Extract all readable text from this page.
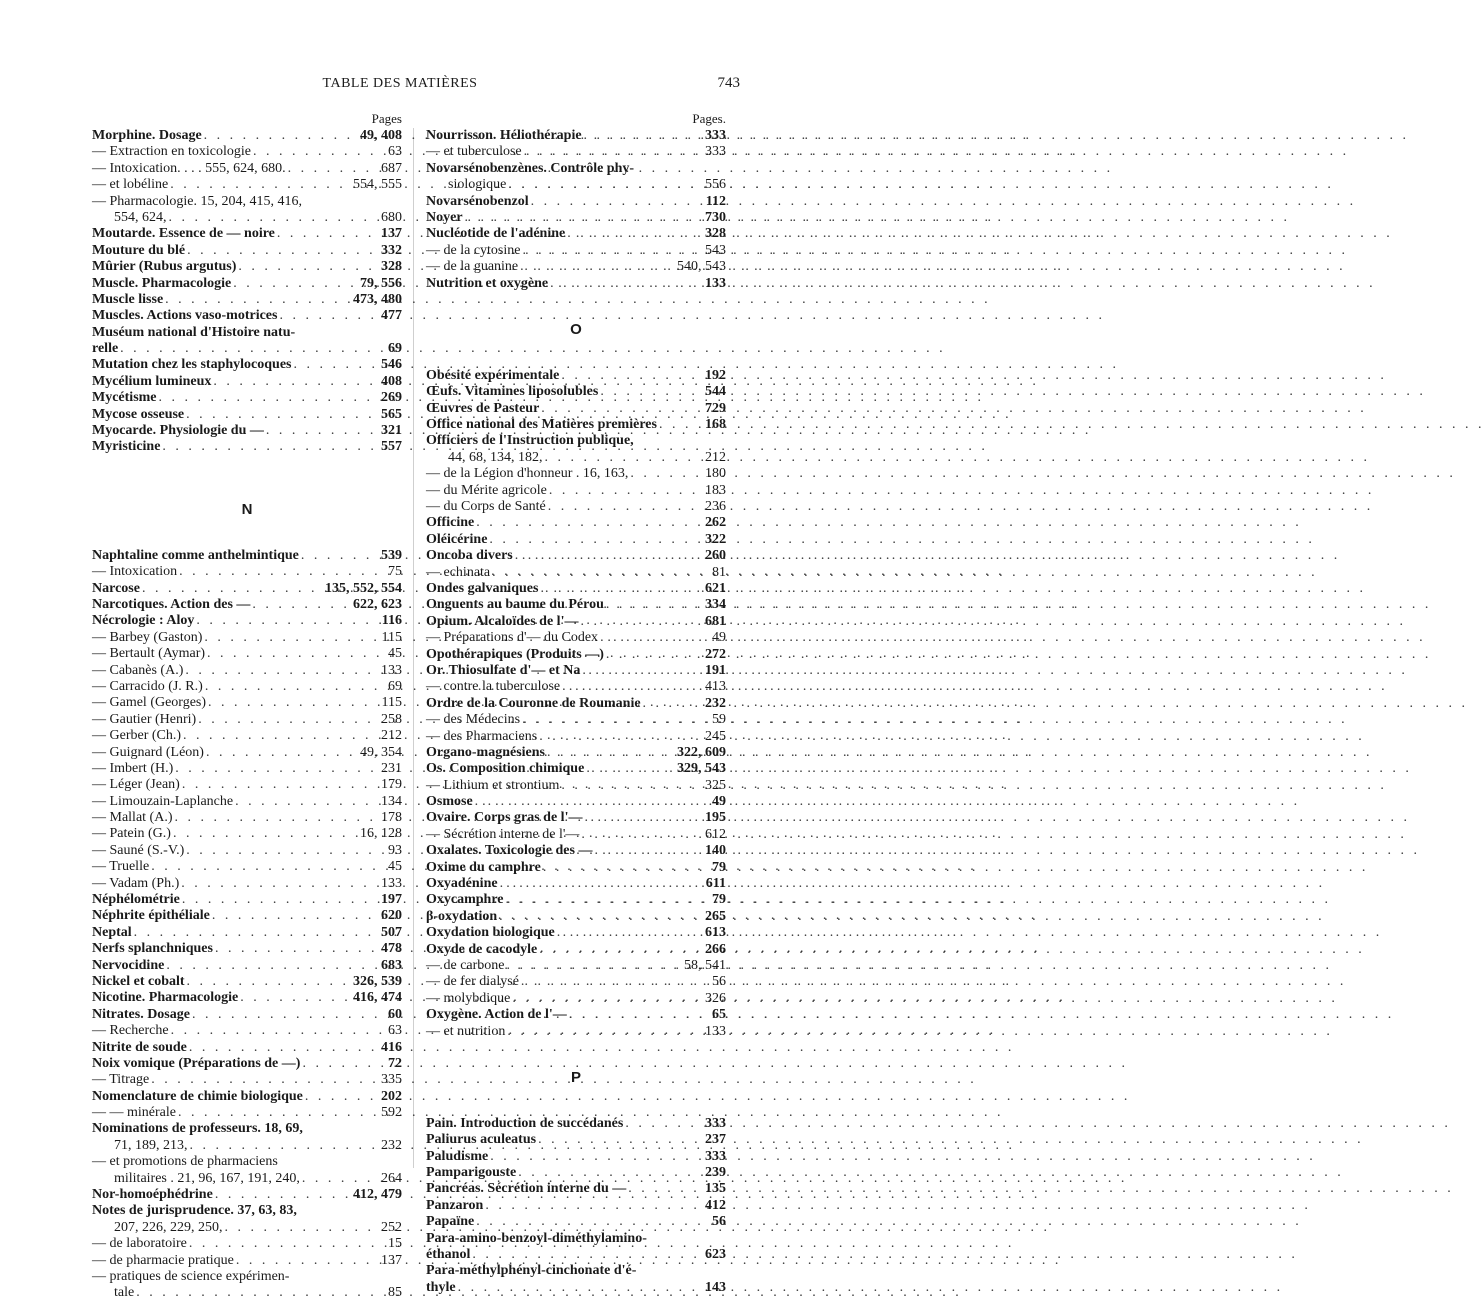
TABLE DES MATIÈRES	743
Pages
Morphine. Dosage . . .	49, 408
— Extraction en toxicologie . . .	63
— Intoxication. . . . 555, 624, 680. . . .	687
— et lobéline . . .	554, 555
— Pharmacologie. 15, 204, 415, 416,
554, 624, . . .	680
Moutarde. Essence de — noire . . .	137
Mouture du blé . . .	332
Mûrier (Rubus argutus) . . .	328
Muscle. Pharmacologie . . .	79, 556
Muscle lisse . . .	473, 480
Muscles. Actions vaso-motrices . . .	477
Muséum national d'Histoire natu-
relle . . .	69
Mutation chez les staphylocoques . . .	546
Mycélium lumineux . . .	408
Mycétisme . . .	269
Mycose osseuse . . .	565
Myocarde. Physiologie du — . . .	321
Myristicine . . .	557
N
Naphtaline comme anthelmintique . . .	539
— Intoxication . . .	75
Narcose . . .	135, 552, 554
Narcotiques. Action des — . . .	622, 623
Nécrologie : Aloy . . .	116
— Barbey (Gaston) . . .	115
— Bertault (Aymar) . . .	45
— Cabanès (A.) . . .	133
— Carracido (J. R.) . . .	69
— Gamel (Georges) . . .	115
— Gautier (Henri) . . .	258
— Gerber (Ch.) . . .	212
— Guignard (Léon) . . .	49, 354
— Imbert (H.) . . .	231
— Léger (Jean) . . .	179
— Limouzain-Laplanche . . .	134
— Mallat (A.) . . .	178
— Patein (G.) . . .	16, 128
— Sauné (S.-V.) . . .	93
— Truelle . . .	45
— Vadam (Ph.) . . .	133
Néphélométrie . . .	197
Néphrite épithéliale . . .	620
Neptal . . .	507
Nerfs splanchniques . . .	478
Nervocidine . . .	683
Nickel et cobalt . . .	326, 539
Nicotine. Pharmacologie . . .	416, 474
Nitrates. Dosage . . .	60
— Recherche . . .	63
Nitrite de soude . . .	416
Noix vomique (Préparations de —) . . .	72
— Titrage . . .	335
Nomenclature de chimie biologique . . .	202
— — minérale . . .	592
Nominations de professeurs. 18, 69,
71, 189, 213, . . .	232
— et promotions de pharmaciens
militaires . 21, 96, 167, 191, 240, . . .	264
Nor-homoéphédrine . . .	412, 479
Notes de jurisprudence. 37, 63, 83,
207, 226, 229, 250, . . .	252
— de laboratoire . . .	15
— de pharmacie pratique . . .	137
— pratiques de science expérimen-
tale . . .	85
Pages.
Nourrisson. Héliothérapie . . .	333
— et tuberculose . . .	333
Novarsénobenzènes. Contrôle phy-
siologique . . .	556
Novarsénobenzol . . .	112
Noyer . . .	730
Nucléotide de l'adénine . . .	328
— de la cytosine . . .	543
— de la guanine . . .	540, 543
Nutrition et oxygène . . .	133
O
Obésité expérimentale . . .	192
Œufs. Vitamines liposolubles . . .	544
Œuvres de Pasteur . . .	729
Office national des Matières premières . . .	168
Officiers de l'Instruction publique,
44, 68, 134, 182, . . .	212
— de la Légion d'honneur . 16, 163, . . .	180
— du Mérite agricole . . .	183
— du Corps de Santé . . .	236
Officine . . .	262
Oléicérine . . .	322
Oncoba divers . . .	260
— echinata . . .	81
Ondes galvaniques . . .	621
Onguents au baume du Pérou . . .	334
Opium. Alcaloïdes de l'— . . .	681
— Préparations d'— du Codex . . .	49
Opothérapiques (Produits —) . . .	272
Or. Thiosulfate d'— et Na . . .	191
— contre la tuberculose . . .	413
Ordre de la Couronne de Roumanie . . .	232
— des Médecins . . .	59
— des Pharmaciens . . .	245
Organo-magnésiens . . .	322, 609
Os. Composition chimique . . .	329, 543
— Lithium et strontium . . .	325
Osmose . . .	49
Ovaire. Corps gras de l'— . . .	195
— Sécrétion interne de l'— . . .	612
Oxalates. Toxicologie des — . . .	140
Oxime du camphre . . .	79
Oxyadénine . . .	611
Oxycamphre . . .	79
β-oxydation . . .	265
Oxydation biologique . . .	613
Oxyde de cacodyle . . .	266
— de carbone . . .	58, 541
— de fer dialysé . . .	56
— molybdique . . .	326
Oxygène. Action de l'— . . .	65
— et nutrition . . .	133
P
Pain. Introduction de succédanés . . .	333
Paliurus aculeatus . . .	237
Paludisme . . .	333
Pamparigouste . . .	239
Pancréas. Sécrétion interne du — . . .	135
Panzaron . . .	412
Papaïne . . .	56
Para-amino-benzoyl-diméthylamino-
éthanol . . .	623
Para-méthylphényl-cinchonate d'é-
thyle . . .	143
